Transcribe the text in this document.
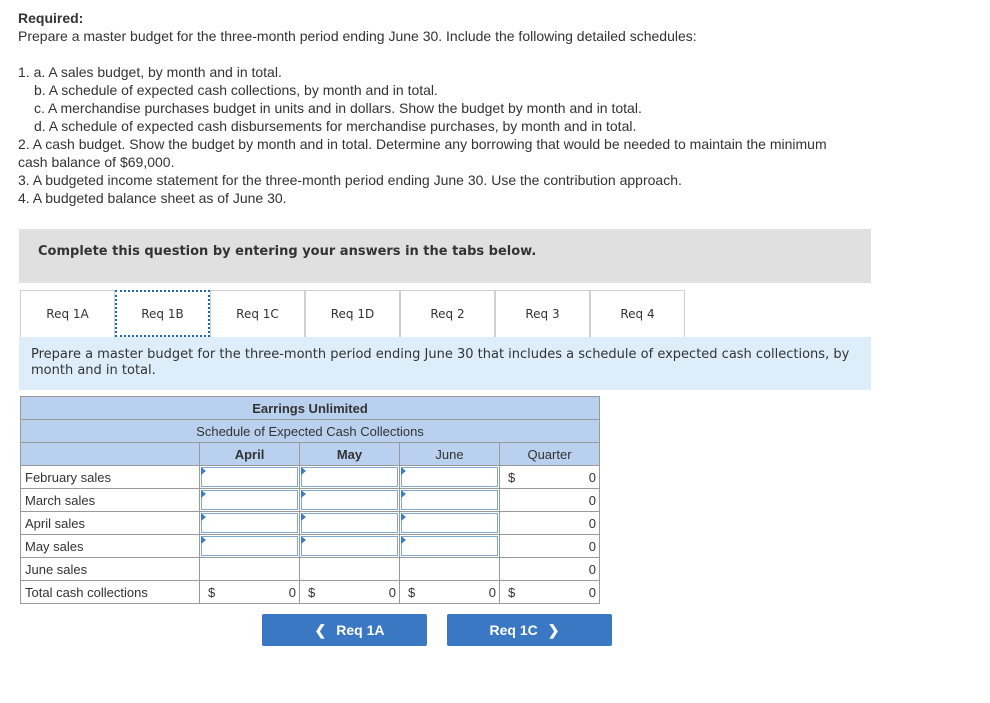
Required:
Prepare a master budget for the three-month period ending June 30. Include the following detailed schedules:
1. a. A sales budget, by month and in total.
b. A schedule of expected cash collections, by month and in total.
c. A merchandise purchases budget in units and in dollars. Show the budget by month and in total.
d. A schedule of expected cash disbursements for merchandise purchases, by month and in total.
2. A cash budget. Show the budget by month and in total. Determine any borrowing that would be needed to maintain the minimum
cash balance of $69,000.
3. A budgeted income statement for the three-month period ending June 30. Use the contribution approach.
4. A budgeted balance sheet as of June 30.
Complete this question by entering your answers in the tabs below.
Req 1A	Req 1B	Req 1C	Req 1D	Req 2	Req 3	Req 4
Prepare a master budget for the three-month period ending June 30 that includes a schedule of expected cash collections, by month and in total.
Earrings Unlimited				
Schedule of Expected Cash Collections				
	April	May	June	Quarter
February sales				$ 0

March sales				0

April sales				0

May sales				0

June sales				0

Total cash collections	$ 0	$ 0	$ 0	$ 0
❮ Req 1A	Req 1C ❯
